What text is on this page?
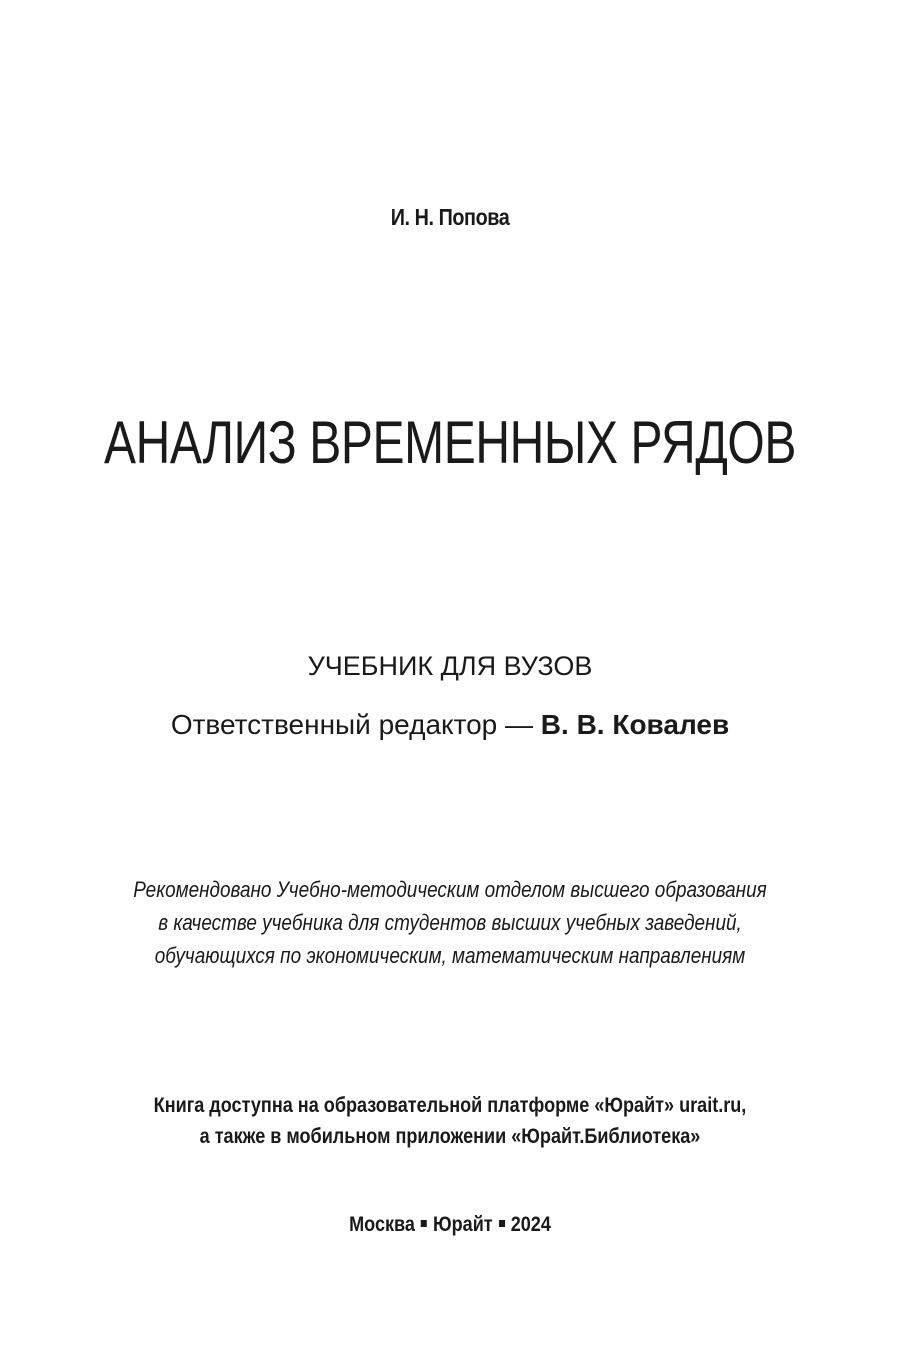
И. Н. Попова
АНАЛИЗ ВРЕМЕННЫХ РЯДОВ
УЧЕБНИК ДЛЯ ВУЗОВ
Ответственный редактор — В. В. Ковалев
Рекомендовано Учебно-методическим отделом высшего образования
в качестве учебника для студентов высших учебных заведений,
обучающихся по экономическим, математическим направлениям
Книга доступна на образовательной платформе «Юрайт» urait.ru,
а также в мобильном приложении «Юрайт.Библиотека»
Москва Юрайт 2024
